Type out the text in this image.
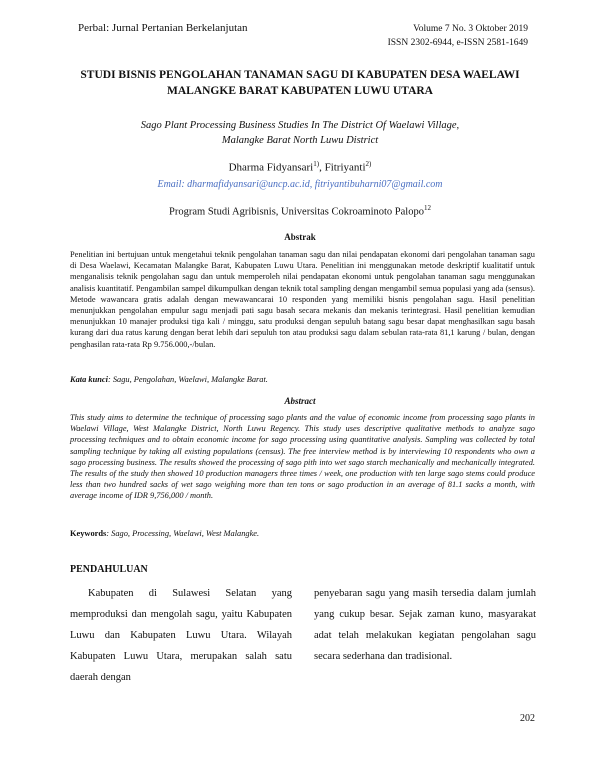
Perbal: Jurnal Pertanian Berkelanjutan	Volume 7 No. 3 Oktober 2019
ISSN 2302-6944, e-ISSN 2581-1649
STUDI BISNIS PENGOLAHAN TANAMAN SAGU DI KABUPATEN DESA WAELAWI
MALANGKE BARAT KABUPATEN LUWU UTARA
Sago Plant Processing Business Studies In The District Of Waelawi Village,
Malangke Barat North Luwu District
Dharma Fidyansari$^{1)}$, Fitriyanti$^{2)}$
Email: dharmafidyansari@uncp.ac.id, fitriyantibuharni07@gmail.com
Program Studi Agribisnis, Universitas Cokroaminoto Palopo$^{12}$
Abstrak
Penelitian ini bertujuan untuk mengetahui teknik pengolahan tanaman sagu dan nilai pendapatan ekonomi dari pengolahan tanaman sagu di Desa Waelawi, Kecamatan Malangke Barat, Kabupaten Luwu Utara. Penelitian ini menggunakan metode deskriptif kualitatif untuk menganalisis teknik pengolahan sagu dan untuk memperoleh nilai pendapatan ekonomi untuk pengolahan tanaman sagu menggunakan analisis kuantitatif. Pengambilan sampel dikumpulkan dengan teknik total sampling dengan mengambil semua populasi yang ada (sensus). Metode wawancara gratis adalah dengan mewawancarai 10 responden yang memiliki bisnis pengolahan sagu. Hasil penelitian menunjukkan pengolahan empulur sagu menjadi pati sagu basah secara mekanis dan mekanis terintegrasi. Hasil penelitian kemudian menunjukkan 10 manajer produksi tiga kali / minggu, satu produksi dengan sepuluh batang sagu besar dapat menghasilkan sagu basah kurang dari dua ratus karung dengan berat lebih dari sepuluh ton atau produksi sagu dalam sebulan rata-rata 81,1 karung / bulan, dengan penghasilan rata-rata Rp 9.756.000,-/bulan.
Kata kunci: Sagu, Pengolahan, Waelawi, Malangke Barat.
Abstract
This study aims to determine the technique of processing sago plants and the value of economic income from processing sago plants in Waelawi Village, West Malangke District, North Luwu Regency. This study uses descriptive qualitative methods to analyze sago processing techniques and to obtain economic income for sago processing using quantitative analysis. Sampling was collected by total sampling technique by taking all existing populations (census). The free interview method is by interviewing 10 respondents who own a sago processing business. The results showed the processing of sago pith into wet sago starch mechanically and mechanically integrated. The results of the study then showed 10 production managers three times / week, one production with ten large sago stems could produce less than two hundred sacks of wet sago weighing more than ten tons or sago production in an average of 81.1 sacks a month, with average income of IDR 9,756,000 / month.
Keywords: Sago, Processing, Waelawi, West Malangke.
PENDAHULUAN
Kabupaten di Sulawesi Selatan yang memproduksi dan mengolah sagu, yaitu Kabupaten Luwu dan Kabupaten Luwu Utara. Wilayah Kabupaten Luwu Utara, merupakan salah satu daerah dengan
penyebaran sagu yang masih tersedia dalam jumlah yang cukup besar. Sejak zaman kuno, masyarakat adat telah melakukan kegiatan pengolahan sagu secara sederhana dan tradisional.
202
